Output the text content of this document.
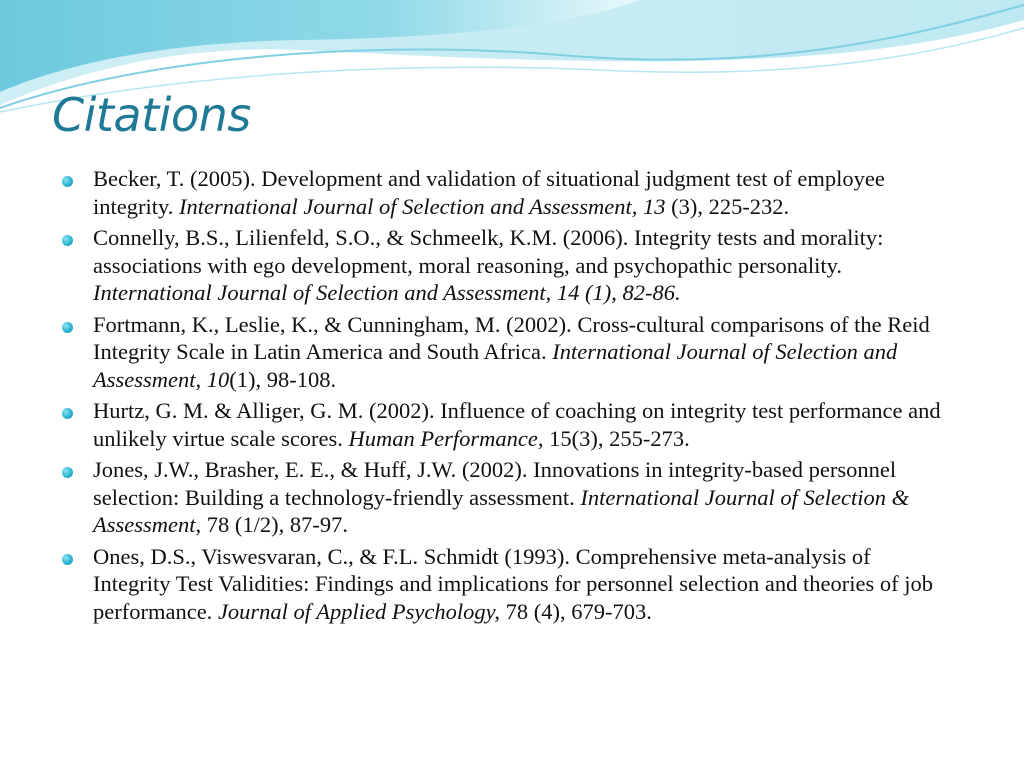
Citations
Becker, T. (2005). Development and validation of situational judgment test of employee integrity. International Journal of Selection and Assessment, 13 (3), 225-232.
Connelly, B.S., Lilienfeld, S.O., & Schmeelk, K.M. (2006). Integrity tests and morality: associations with ego development, moral reasoning, and psychopathic personality. International Journal of Selection and Assessment, 14 (1), 82-86.
Fortmann, K., Leslie, K., & Cunningham, M. (2002). Cross-cultural comparisons of the Reid Integrity Scale in Latin America and South Africa. International Journal of Selection and Assessment, 10(1), 98-108.
Hurtz, G. M. & Alliger, G. M. (2002). Influence of coaching on integrity test performance and unlikely virtue scale scores. Human Performance, 15(3), 255-273.
Jones, J.W., Brasher, E. E., & Huff, J.W. (2002). Innovations in integrity-based personnel selection: Building a technology-friendly assessment. International Journal of Selection & Assessment, 78 (1/2), 87-97.
Ones, D.S., Viswesvaran, C., & F.L. Schmidt (1993). Comprehensive meta-analysis of Integrity Test Validities: Findings and implications for personnel selection and theories of job performance. Journal of Applied Psychology, 78 (4), 679-703.
